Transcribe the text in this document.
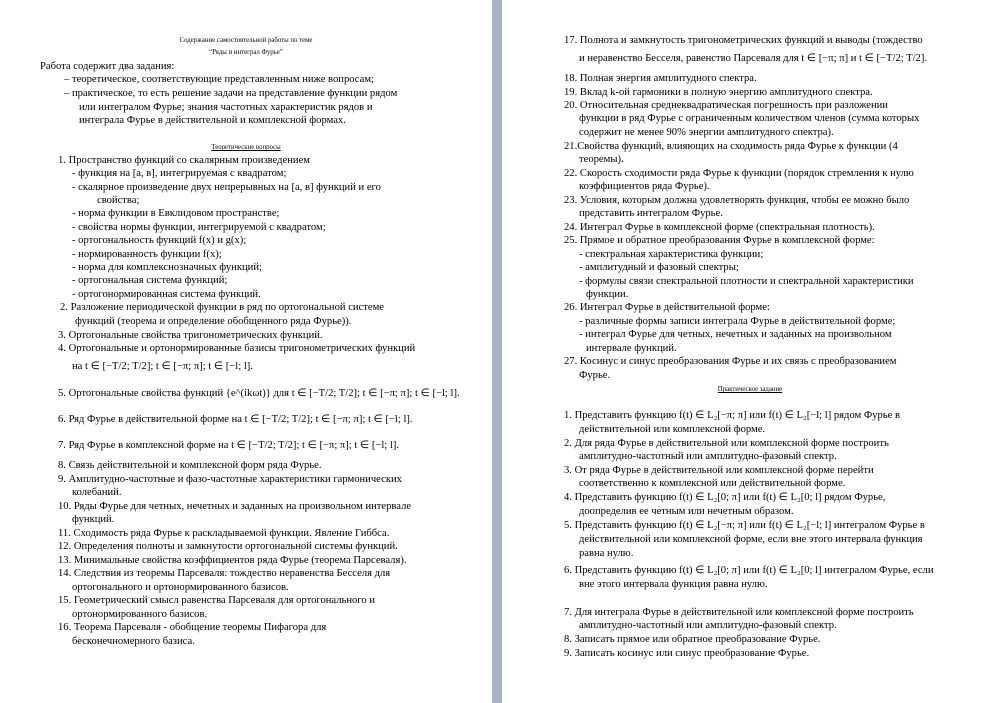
Содержание самостоятельной работы по теме
“Ряды и интеграл Фурье”
Работа содержит два задания:
– теоретическое, соответствующие представленным ниже вопросам;
– практическое, то есть решение задачи на представление функции рядом
или интегралом Фурье; знания частотных характеристик рядов и
интеграла Фурье в действительной и комплексной формах.
Теоретические вопросы
1. Пространство функций со скалярным произведением
- функция на [a, в], интегрируемая с квадратом;
- скалярное произведение двух непрерывных на [a, в] функций и его
свойства;
- норма функции в Евклидовом пространстве;
- свойства нормы функции, интегрируемой с квадратом;
- ортогональность функций f(x) и g(x);
- нормированность функции f(x);
- норма для комплекснозначных функций;
- ортогональная система функций;
- ортогонормированная система функций.
2. Разложение периодической функции в ряд по ортогональной системе
функций (теорема и определение обобщенного ряда Фурье)).
3. Ортогональные свойства тригонометрических функций.
4. Ортогональные и ортонормированные базисы тригонометрических функций
на t ∈ [−T/2; T/2]; t ∈ [−π; π]; t ∈ [−l; l].
5. Ортогональные свойства функций {e^(ikωt)} для t ∈ [−T/2; T/2]; t ∈ [−π; π]; t ∈ [−l; l].
6. Ряд Фурье в действительной форме на t ∈ [−T/2; T/2]; t ∈ [−π; π]; t ∈ [−l; l].
7. Ряд Фурье в комплексной форме на t ∈ [−T/2; T/2]; t ∈ [−π; π]; t ∈ [−l; l].
8. Связь действительной и комплексной форм ряда Фурье.
9. Амплитудно-частотные и фазо-частотные характеристики гармонических
колебаний.
10. Ряды Фурье для четных, нечетных и заданных на произвольном интервале
функций.
11. Сходимость ряда Фурье к раскладываемой функции. Явление Гиббса.
12. Определения полноты и замкнутости ортогональной системы функций.
13. Минимальные свойства коэффициентов ряда Фурье (теорема Парсеваля).
14. Следствия из теоремы Парсеваля: тождество неравенства Бесселя для
ортогонального и ортонормированного базисов.
15. Геометрический смысл равенства Парсеваля для ортогонального и
ортонормированного базисов.
16. Теорема Парсеваля - обобщение теоремы Пифагора для
бесконечномерного базиса.
17. Полнота и замкнутость тригонометрических функций и выводы (тождество
и неравенство Бесселя, равенство Парсеваля для t ∈ [−π; π] и t ∈ [−T/2; T/2].
18. Полная энергия амплитудного спектра.
19. Вклад k-ой гармоники в полную энергию амплитудного спектра.
20. Относительная среднеквадратическая погрешность при разложении
функции в ряд Фурье с ограниченным количеством членов (сумма которых
содержит не менее 90% энергии амплитудного спектра).
21.Свойства функций, влияющих на сходимость ряда Фурье к функции (4
теоремы).
22. Скорость сходимости ряда Фурье к функции (порядок стремления к нулю
коэффициентов ряда Фурье).
23. Условия, которым должна удовлетворять функция, чтобы ее можно было
представить интегралом Фурье.
24. Интеграл Фурье в комплексной форме (спектральная плотность).
25. Прямое и обратное преобразования Фурье в комплексной форме:
- спектральная характеристика функции;
- амплитудный и фазовый спектры;
- формулы связи спектральной плотности и спектральной характеристики
функции.
26. Интеграл Фурье в действительной форме:
- различные формы записи интеграла Фурье в действительной форме;
- интеграл Фурье для четных, нечетных и заданных на произвольном
интервале функций.
27. Косинус и синус преобразования Фурье и их связь с преобразованием
Фурье.
Практическое задание
1. Представить функцию f(t) ∈ L₂[−π; π] или f(t) ∈ L₂[−l; l] рядом Фурье в
действительной или комплексной форме.
2. Для ряда Фурье в действительной или комплексной форме построить
амплитудно-частотный или амплитудно-фазовый спектр.
3. От ряда Фурье в действительной или комплексной форме перейти
соответственно к комплексной или действительной форме.
4. Представить функцию f(t) ∈ L₂[0; π] или f(t) ∈ L₂[0; l] рядом Фурье,
доопределив ее четным или нечетным образом.
5. Представить функцию f(t) ∈ L₂[−π; π] или f(t) ∈ L₂[−l; l] интегралом Фурье в
действительной или комплексной форме, если вне этого интервала функция
равна нулю.
6. Представить функцию f(t) ∈ L₂[0; π] или f(t) ∈ L₂[0; l] интегралом Фурье, если
вне этого интервала функция равна нулю.
7. Для интеграла Фурье в действительной или комплексной форме построить
амплитудно-частотный или амплитудно-фазовый спектр.
8. Записать прямое или обратное преобразование Фурье.
9. Записать косинус или синус преобразование Фурье.
